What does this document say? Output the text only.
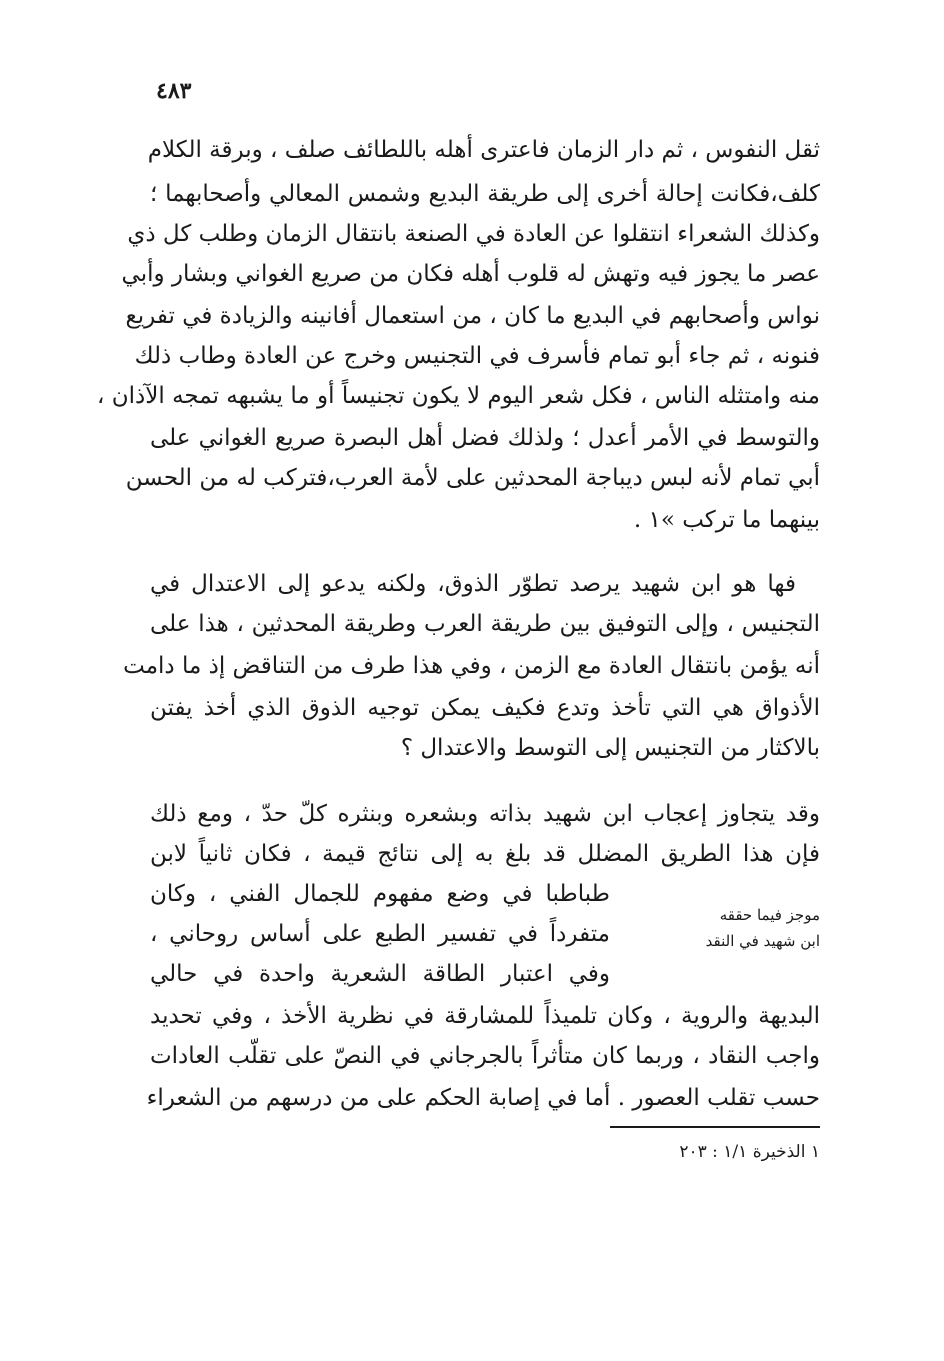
٤٨٣
ثقل النفوس ، ثم دار الزمان فاعترى أهله باللطائف صلف ، وبرقة الكلام
كلف،فكانت إحالة أخرى إلى طريقة البديع وشمس المعالي وأصحابهما ؛
وكذلك الشعراء انتقلوا عن العادة في الصنعة بانتقال الزمان وطلب كل ذي
عصر ما يجوز فيه وتهش له قلوب أهله فكان من صريع الغواني وبشار وأبي
نواس وأصحابهم في البديع ما كان ، من استعمال أفانينه والزيادة في تفريع
فنونه ، ثم جاء أبو تمام فأسرف في التجنيس وخرج عن العادة وطاب ذلك
منه وامتثله الناس ، فكل شعر اليوم لا يكون تجنيساً أو ما يشبهه تمجه الآذان ،
والتوسط في الأمر أعدل ؛ ولذلك فضل أهل البصرة صريع الغواني على
أبي تمام لأنه لبس ديباجة المحدثين على لأمة العرب،فتركب له من الحسن
بينهما ما تركب »١ .
فها هو ابن شهيد يرصد تطوّر الذوق، ولكنه يدعو إلى الاعتدال في
التجنيس ، وإلى التوفيق بين طريقة العرب وطريقة المحدثين ، هذا على
أنه يؤمن بانتقال العادة مع الزمن ، وفي هذا طرف من التناقض إذ ما دامت
الأذواق هي التي تأخذ وتدع فكيف يمكن توجيه الذوق الذي أخذ يفتن
بالاكثار من التجنيس إلى التوسط والاعتدال ؟
وقد يتجاوز إعجاب ابن شهيد بذاته وبشعره وبنثره كلّ حدّ ، ومع ذلك
فإن هذا الطريق المضلل قد بلغ به إلى نتائج قيمة ، فكان ثانياً لابن
طباطبا في وضع مفهوم للجمال الفني ، وكان
متفرداً في تفسير الطبع على أساس روحاني ،
وفي اعتبار الطاقة الشعرية واحدة في حالي
البديهة والروية ، وكان تلميذاً للمشارقة في نظرية الأخذ ، وفي تحديد
واجب النقاد ، وربما كان متأثراً بالجرجاني في النصّ على تقلّب العادات
حسب تقلب العصور . أما في إصابة الحكم على من درسهم من الشعراء
موجز فيما حققه
ابن شهيد في النقد
١ الذخيرة ١/١ : ٢٠٣
